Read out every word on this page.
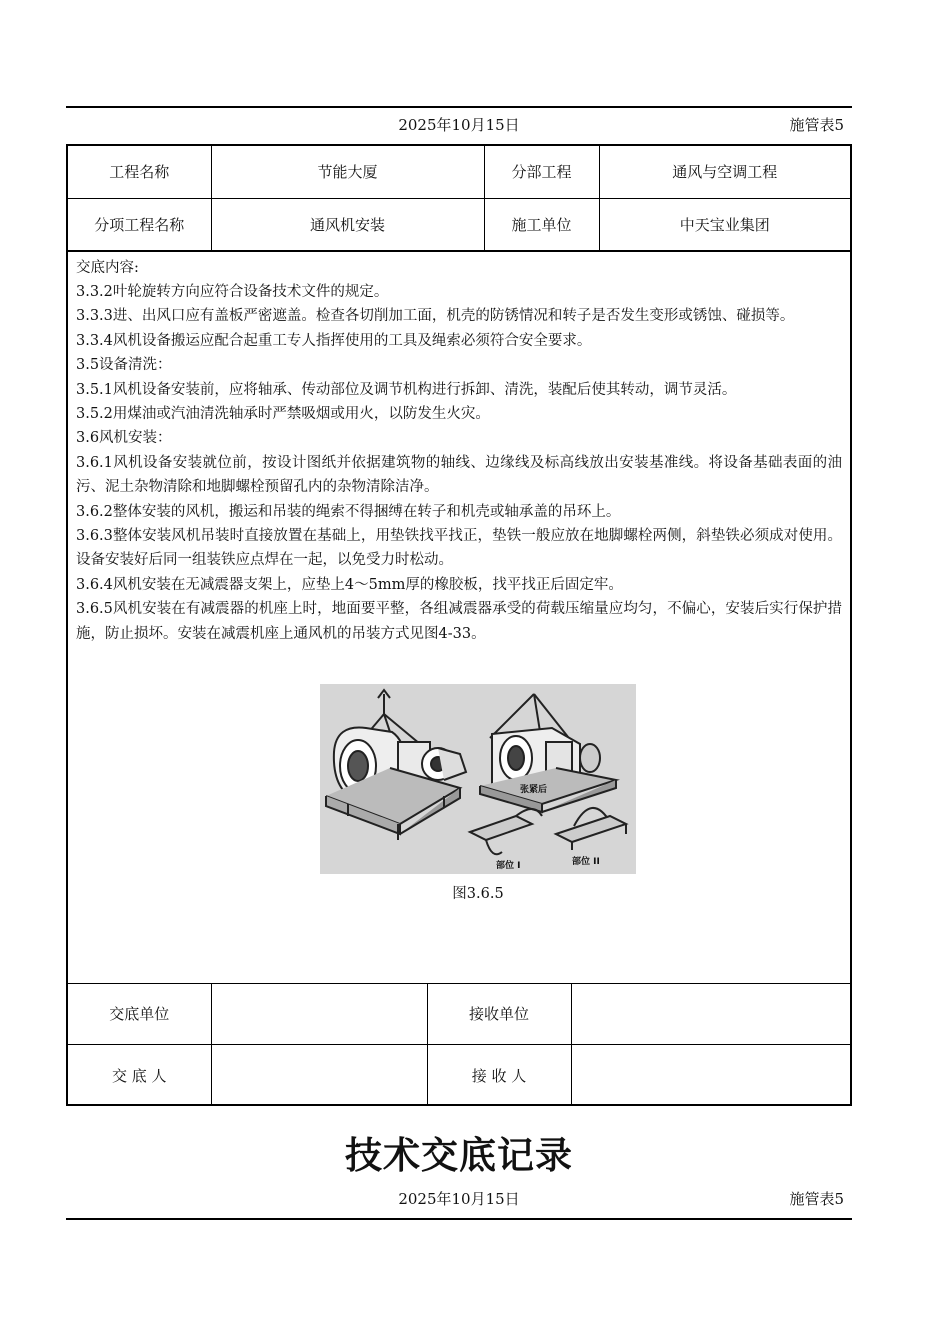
2025年10月15日	施管表5
工程名称	节能大厦	分部工程	通风与空调工程
分项工程名称	通风机安装	施工单位	中天宝业集团

交底内容:

3.3.2叶轮旋转方向应符合设备技术文件的规定。

3.3.3进、出风口应有盖板严密遮盖。检查各切削加工面，机壳的防锈情况和转子是否发生变形或锈蚀、碰损等。

3.3.4风机设备搬运应配合起重工专人指挥使用的工具及绳索必须符合安全要求。

3.5设备清洗：

3.5.1风机设备安装前，应将轴承、传动部位及调节机构进行拆卸、清洗，装配后使其转动，调节灵活。

3.5.2用煤油或汽油清洗轴承时严禁吸烟或用火，以防发生火灾。

3.6风机安装：

3.6.1风机设备安装就位前，按设计图纸并依据建筑物的轴线、边缘线及标高线放出安装基准线。将设备基础表面的油污、泥土杂物清除和地脚螺栓预留孔内的杂物清除洁净。

3.6.2整体安装的风机，搬运和吊装的绳索不得捆缚在转子和机壳或轴承盖的吊环上。

3.6.3整体安装风机吊装时直接放置在基础上，用垫铁找平找正，垫铁一般应放在地脚螺栓两侧，斜垫铁必须成对使用。设备安装好后同一组装铁应点焊在一起，以免受力时松动。

3.6.4风机安装在无减震器支架上，应垫上4～5mm厚的橡胶板，找平找正后固定牢。

3.6.5风机安装在有减震器的机座上时，地面要平整，各组减震器承受的荷载压缩量应均匀，不偏心，安装后实行保护措施，防止损坏。安装在减震机座上通风机的吊装方式见图4-33。

张紧后
部位 I	部位 II
图3.6.5
交底单位		接收单位	
交 底 人		接 收 人	
技术交底记录
2025年10月15日	施管表5
